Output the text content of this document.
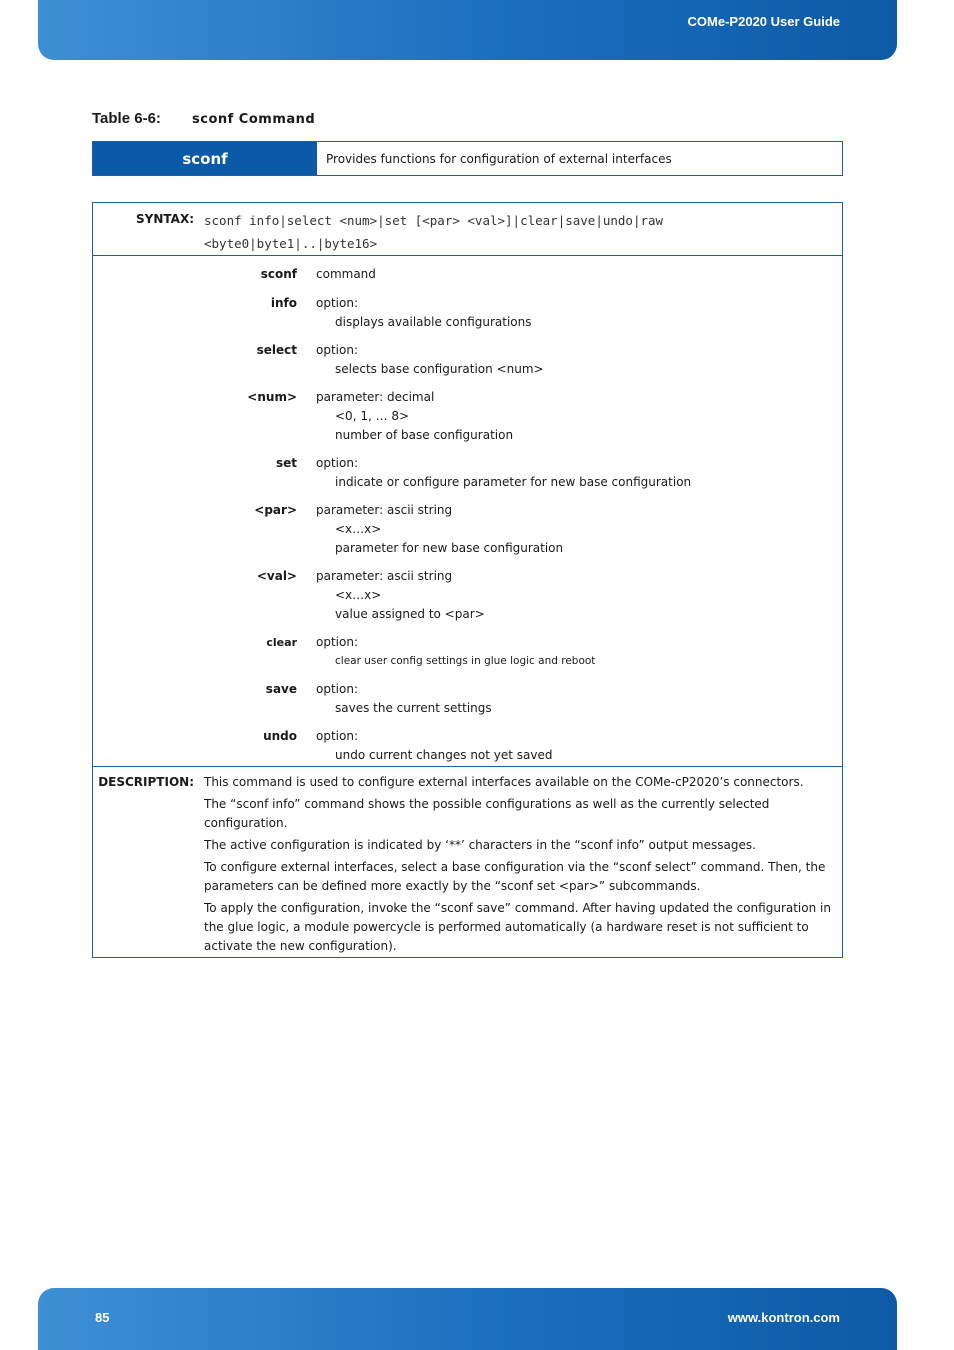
COMe-P2020 User Guide
Table 6-6: sconf Command
sconf	Provides functions for configuration of external interfaces
SYNTAX: sconf info|select <num>|set [<par> <val>]|clear|save|undo|raw
<byte0|byte1|..|byte16>
sconf command
info option:
displays available configurations
select option:
selects base configuration <num>
<num> parameter: decimal
<0, 1, … 8>
number of base configuration
set option:
indicate or configure parameter for new base configuration
<par> parameter: ascii string
<x…x>
parameter for new base configuration
<val> parameter: ascii string
<x…x>
value assigned to <par>
clear option:
clear user config settings in glue logic and reboot
save option:
saves the current settings
undo option:
undo current changes not yet saved
DESCRIPTION: This command is used to configure external interfaces available on the COMe-cP2020’s connectors.

The “sconf info” command shows the possible configurations as well as the currently selected configuration.

The active configuration is indicated by ‘**’ characters in the “sconf info” output messages.

To configure external interfaces, select a base configuration via the “sconf select” command. Then, the parameters can be defined more exactly by the “sconf set <par>” subcommands.

To apply the configuration, invoke the “sconf save” command. After having updated the configuration in the glue logic, a module powercycle is performed automatically (a hardware reset is not sufficient to activate the new configuration).

85	www.kontron.com
